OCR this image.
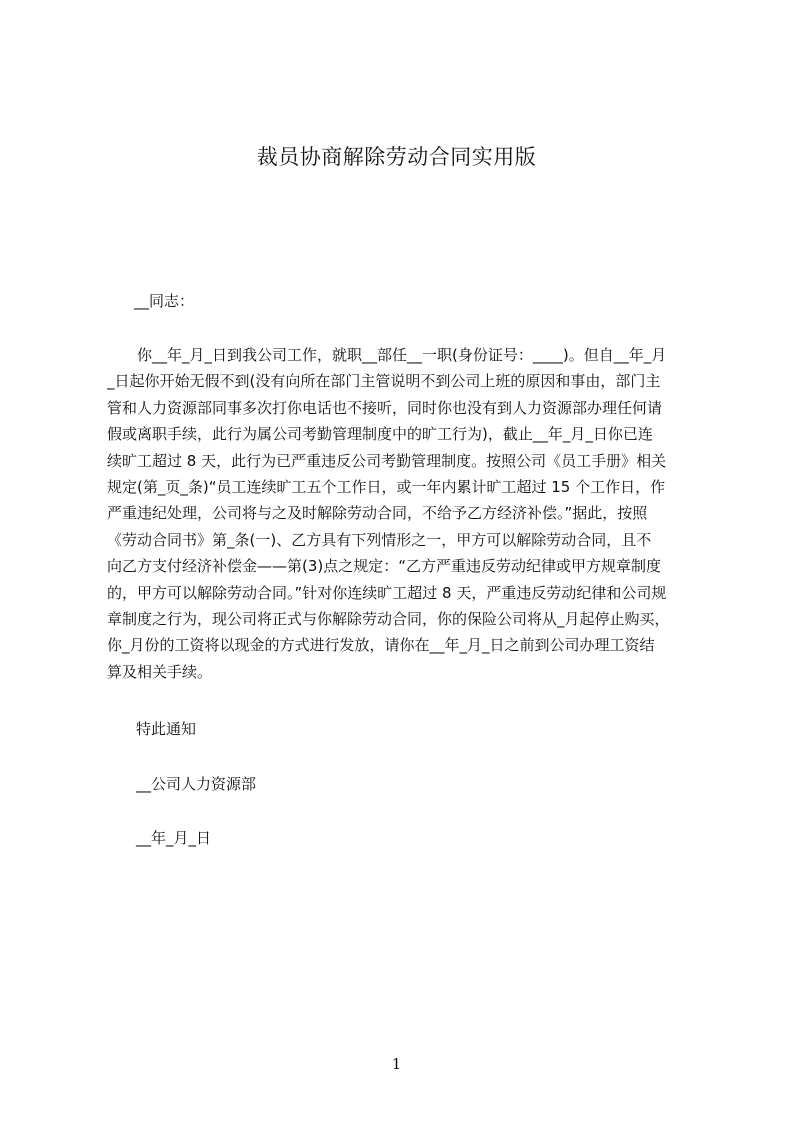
裁员协商解除劳动合同实用版
__同志：
　　你__年_月_日到我公司工作，就职__部任__一职(身份证号：____)。但自__年_月
_日起你开始无假不到(没有向所在部门主管说明不到公司上班的原因和事由，部门主
管和人力资源部同事多次打你电话也不接听，同时你也没有到人力资源部办理任何请
假或离职手续，此行为属公司考勤管理制度中的旷工行为)，截止__年_月_日你已连
续旷工超过 8 天，此行为已严重违反公司考勤管理制度。按照公司《员工手册》相关
规定(第_页_条)“员工连续旷工五个工作日，或一年内累计旷工超过 15 个工作日，作
严重违纪处理，公司将与之及时解除劳动合同，不给予乙方经济补偿。”据此，按照
《劳动合同书》第_条(一)、乙方具有下列情形之一，甲方可以解除劳动合同，且不
向乙方支付经济补偿金——第(3)点之规定：“乙方严重违反劳动纪律或甲方规章制度
的，甲方可以解除劳动合同。”针对你连续旷工超过 8 天，严重违反劳动纪律和公司规
章制度之行为，现公司将正式与你解除劳动合同，你的保险公司将从_月起停止购买，
你_月份的工资将以现金的方式进行发放，请你在__年_月_日之前到公司办理工资结
算及相关手续。
特此通知
__公司人力资源部
__年_月_日
1
